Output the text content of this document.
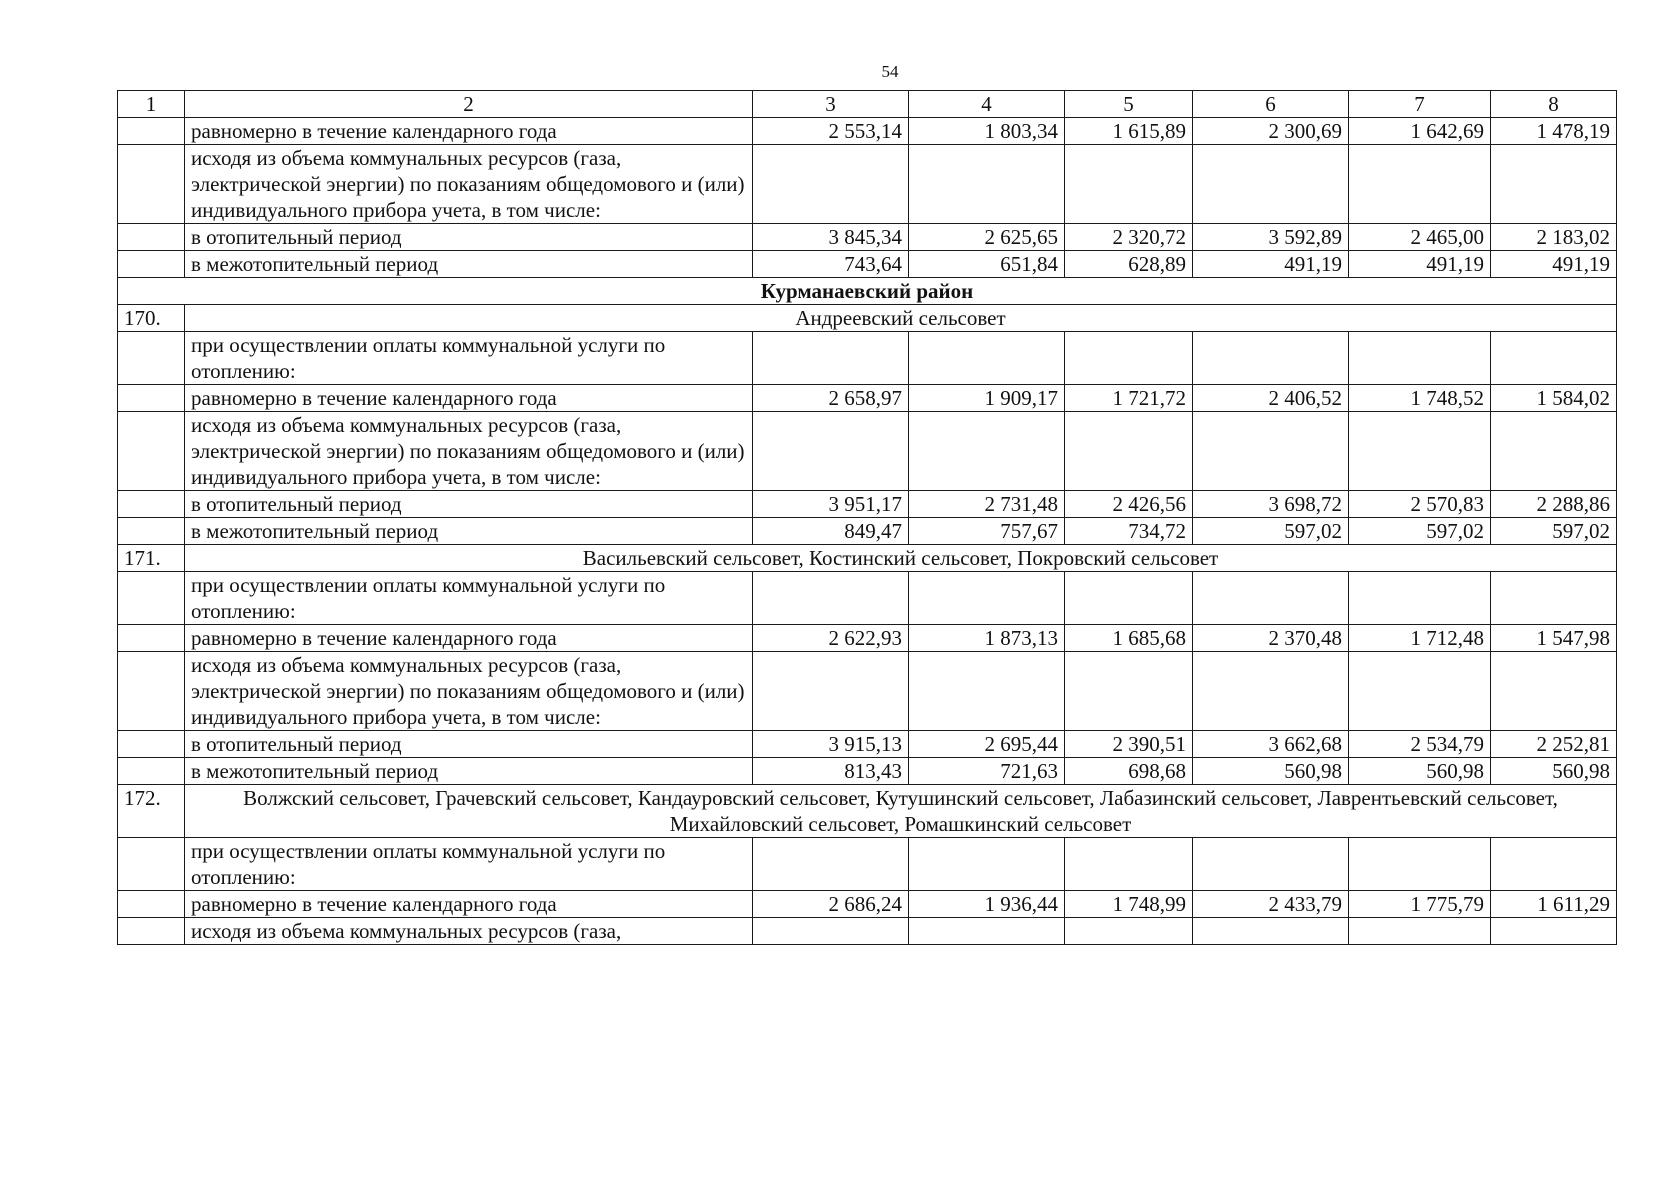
54
1	2	3	4	5	6	7	8
	равномерно в течение календарного года	2 553,14	1 803,34	1 615,89	2 300,69	1 642,69	1 478,19
	исходя из объема коммунальных ресурсов (газа, электрической энергии) по показаниям общедомового и (или) индивидуального прибора учета, в том числе:						
	в отопительный период	3 845,34	2 625,65	2 320,72	3 592,89	2 465,00	2 183,02
	в межотопительный период	743,64	651,84	628,89	491,19	491,19	491,19
Курманаевский район							
170.	Андреевский сельсовет						
	при осуществлении оплаты коммунальной услуги по отоплению:						
	равномерно в течение календарного года	2 658,97	1 909,17	1 721,72	2 406,52	1 748,52	1 584,02
	исходя из объема коммунальных ресурсов (газа, электрической энергии) по показаниям общедомового и (или) индивидуального прибора учета, в том числе:						
	в отопительный период	3 951,17	2 731,48	2 426,56	3 698,72	2 570,83	2 288,86
	в межотопительный период	849,47	757,67	734,72	597,02	597,02	597,02
171.	Васильевский сельсовет, Костинский сельсовет, Покровский сельсовет						
	при осуществлении оплаты коммунальной услуги по отоплению:						
	равномерно в течение календарного года	2 622,93	1 873,13	1 685,68	2 370,48	1 712,48	1 547,98
	исходя из объема коммунальных ресурсов (газа, электрической энергии) по показаниям общедомового и (или) индивидуального прибора учета, в том числе:						
	в отопительный период	3 915,13	2 695,44	2 390,51	3 662,68	2 534,79	2 252,81
	в межотопительный период	813,43	721,63	698,68	560,98	560,98	560,98
172.	Волжский сельсовет, Грачевский сельсовет, Кандауровский сельсовет, Кутушинский сельсовет, Лабазинский сельсовет, Лаврентьевский сельсовет, Михайловский сельсовет, Ромашкинский сельсовет						
	при осуществлении оплаты коммунальной услуги по отоплению:						
	равномерно в течение календарного года	2 686,24	1 936,44	1 748,99	2 433,79	1 775,79	1 611,29
	исходя из объема коммунальных ресурсов (газа,						
